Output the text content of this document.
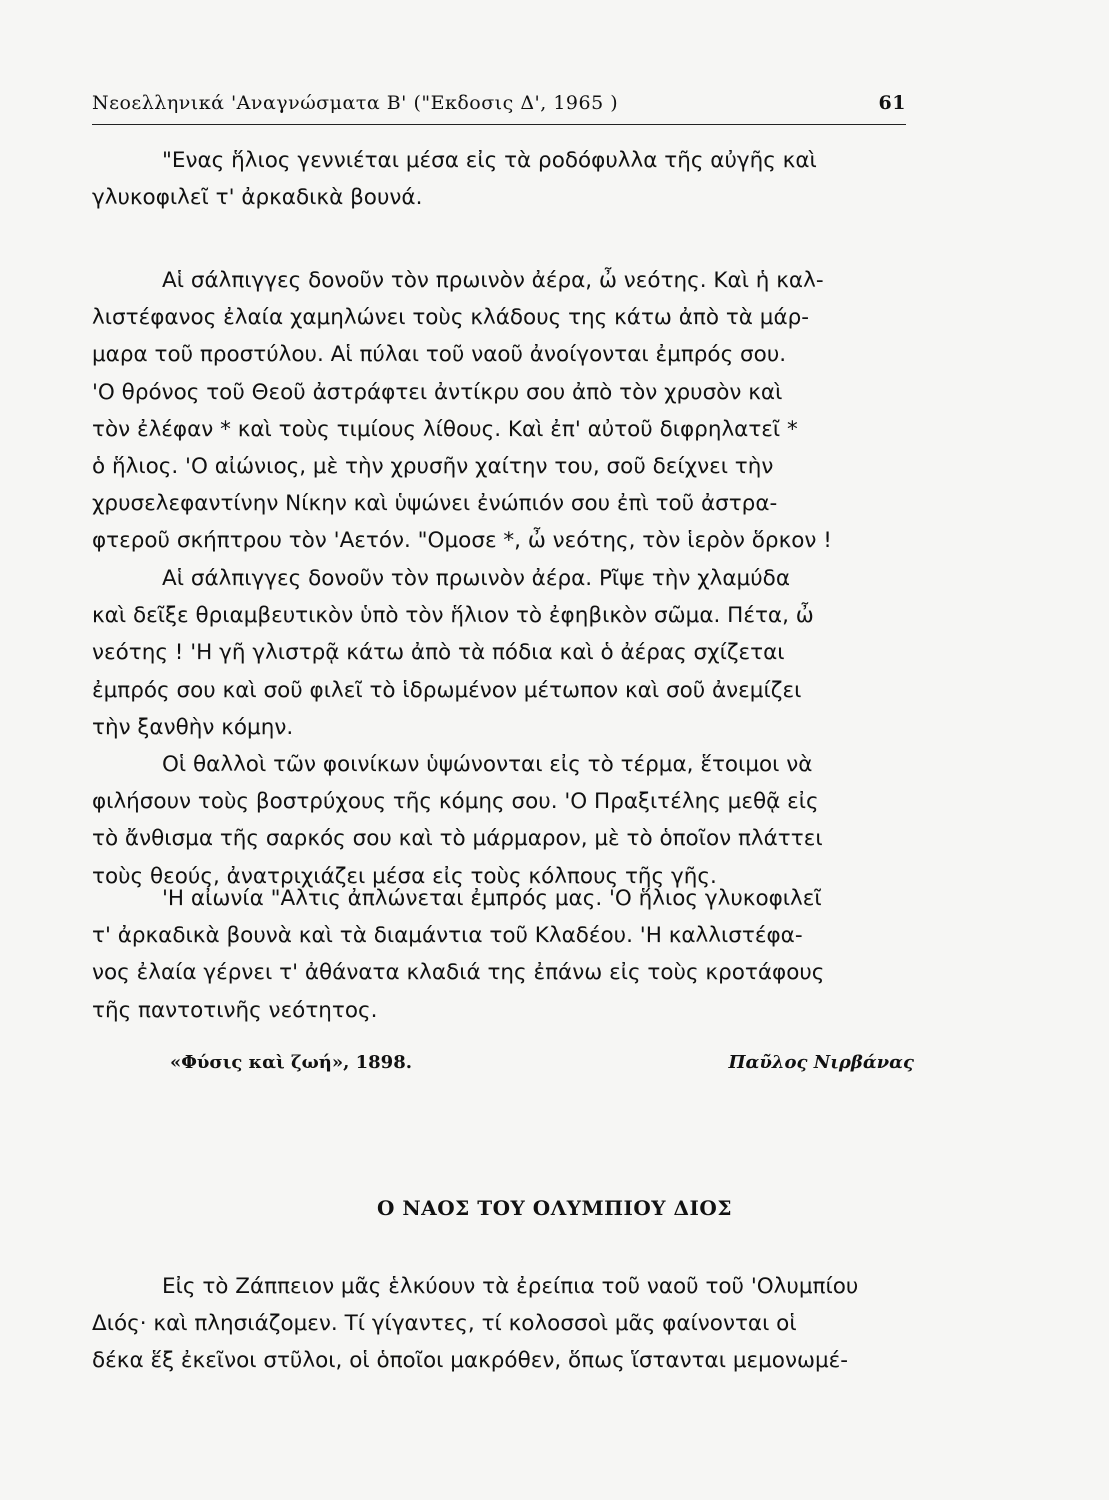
Νεοελληνικά 'Αναγνώσματα Β' ("Εκδοσις Δ', 1965 )	61
"Ενας ἥλιος γεννιέται μέσα εἰς τὰ ροδόφυλλα τῆς αὐγῆς καὶ
γλυκοφιλεῖ τ' ἀρκαδικὰ βουνά.
Αἱ σάλπιγγες δονοῦν τὸν πρωινὸν ἀέρα, ὦ νεότης. Καὶ ἡ καλ-
λιστέφανος ἐλαία χαμηλώνει τοὺς κλάδους της κάτω ἀπὸ τὰ μάρ-
μαρα τοῦ προστύλου. Αἱ πύλαι τοῦ ναοῦ ἀνοίγονται ἐμπρός σου.
'Ο θρόνος τοῦ Θεοῦ ἀστράφτει ἀντίκρυ σου ἀπὸ τὸν χρυσὸν καὶ
τὸν ἐλέφαν * καὶ τοὺς τιμίους λίθους. Καὶ ἐπ' αὐτοῦ διφρηλατεῖ *
ὁ ἥλιος. 'Ο αἰώνιος, μὲ τὴν χρυσῆν χαίτην του, σοῦ δείχνει τὴν
χρυσελεφαντίνην Νίκην καὶ ὑψώνει ἐνώπιόν σου ἐπὶ τοῦ ἀστρα-
φτεροῦ σκήπτρου τὸν 'Αετόν. "Ομοσε *, ὦ νεότης, τὸν ἱερὸν ὅρκον !
Αἱ σάλπιγγες δονοῦν τὸν πρωινὸν ἀέρα. Ρῖψε τὴν χλαμύδα
καὶ δεῖξε θριαμβευτικὸν ὑπὸ τὸν ἥλιον τὸ ἐφηβικὸν σῶμα. Πέτα, ὦ
νεότης ! 'Η γῆ γλιστρᾷ κάτω ἀπὸ τὰ πόδια καὶ ὁ ἀέρας σχίζεται
ἐμπρός σου καὶ σοῦ φιλεῖ τὸ ἱδρωμένον μέτωπον καὶ σοῦ ἀνεμίζει
τὴν ξανθὴν κόμην.
Οἱ θαλλοὶ τῶν φοινίκων ὑψώνονται εἰς τὸ τέρμα, ἕτοιμοι νὰ
φιλήσουν τοὺς βοστρύχους τῆς κόμης σου. 'Ο Πραξιτέλης μεθᾷ εἰς
τὸ ἄνθισμα τῆς σαρκός σου καὶ τὸ μάρμαρον, μὲ τὸ ὁποῖον πλάττει
τοὺς θεούς, ἀνατριχιάζει μέσα εἰς τοὺς κόλπους τῆς γῆς.
'Η αἰωνία "Αλτις ἀπλώνεται ἐμπρός μας. 'Ο ἥλιος γλυκοφιλεῖ
τ' ἀρκαδικὰ βουνὰ καὶ τὰ διαμάντια τοῦ Κλαδέου. 'Η καλλιστέφα-
νος ἐλαία γέρνει τ' ἀθάνατα κλαδιά της ἐπάνω εἰς τοὺς κροτάφους
τῆς παντοτινῆς νεότητος.
«Φύσις καὶ ζωή», 1898.	Παῦλος Νιρβάνας
Ο ΝΑΟΣ ΤΟΥ ΟΛΥΜΠΙΟΥ ΔΙΟΣ
Εἰς τὸ Ζάππειον μᾶς ἑλκύουν τὰ ἐρείπια τοῦ ναοῦ τοῦ 'Ολυμπίου
Διός· καὶ πλησιάζομεν. Τί γίγαντες, τί κολοσσοὶ μᾶς φαίνονται οἱ
δέκα ἕξ ἐκεῖνοι στῦλοι, οἱ ὁποῖοι μακρόθεν, ὅπως ἵστανται μεμονωμέ-
